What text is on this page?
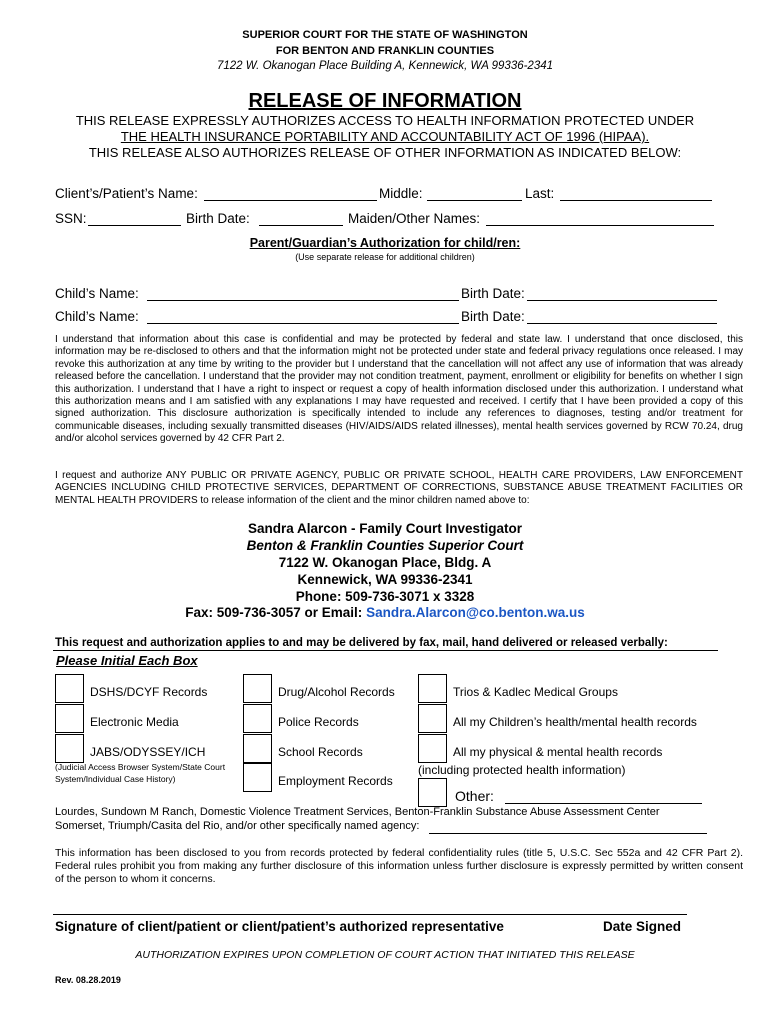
SUPERIOR COURT FOR THE STATE OF WASHINGTON
FOR BENTON AND FRANKLIN COUNTIES
7122 W. Okanogan Place Building A, Kennewick, WA 99336-2341
RELEASE OF INFORMATION
THIS RELEASE EXPRESSLY AUTHORIZES ACCESS TO HEALTH INFORMATION PROTECTED UNDER
THE HEALTH INSURANCE PORTABILITY AND ACCOUNTABILITY ACT OF 1996 (HIPAA).
THIS RELEASE ALSO AUTHORIZES RELEASE OF OTHER INFORMATION AS INDICATED BELOW:
Client’s/Patient’s Name:	Middle:	Last:
SSN:	Birth Date:	Maiden/Other Names:
Parent/Guardian’s Authorization for child/ren:
(Use separate release for additional children)
Child’s Name:	Birth Date:
Child’s Name:	Birth Date:
I understand that information about this case is confidential and may be protected by federal and state law. I understand that once disclosed, this information may be re-disclosed to others and that the information might not be protected under state and federal privacy regulations once released. I may revoke this authorization at any time by writing to the provider but I understand that the cancellation will not affect any use of information that was already released before the cancellation. I understand that the provider may not condition treatment, payment, enrollment or eligibility for benefits on whether I sign this authorization. I understand that I have a right to inspect or request a copy of health information disclosed under this authorization. I understand what this authorization means and I am satisfied with any explanations I may have requested and received. I certify that I have been provided a copy of this signed authorization. This disclosure authorization is specifically intended to include any references to diagnoses, testing and/or treatment for communicable diseases, including sexually transmitted diseases (HIV/AIDS/AIDS related illnesses), mental health services governed by RCW 70.24, drug and/or alcohol services governed by 42 CFR Part 2.
I request and authorize ANY PUBLIC OR PRIVATE AGENCY, PUBLIC OR PRIVATE SCHOOL, HEALTH CARE PROVIDERS, LAW ENFORCEMENT AGENCIES INCLUDING CHILD PROTECTIVE SERVICES, DEPARTMENT OF CORRECTIONS, SUBSTANCE ABUSE TREATMENT FACILITIES OR MENTAL HEALTH PROVIDERS to release information of the client and the minor children named above to:
Sandra Alarcon - Family Court Investigator
Benton & Franklin Counties Superior Court
7122 W. Okanogan Place, Bldg. A
Kennewick, WA 99336-2341
Phone: 509-736-3071 x 3328
Fax: 509-736-3057 or Email: Sandra.Alarcon@co.benton.wa.us
This request and authorization applies to and may be delivered by fax, mail, hand delivered or released verbally:
Please Initial Each Box
DSHS/DCYF Records
Electronic Media
JABS/ODYSSEY/ICH
(Judicial Access Browser System/State Court System/Individual Case History)
Drug/Alcohol Records
Police Records
School Records
Employment Records
Trios & Kadlec Medical Groups
All my Children’s health/mental health records
All my physical & mental health records
(including protected health information)
Other:
Lourdes, Sundown M Ranch, Domestic Violence Treatment Services, Benton-Franklin Substance Abuse Assessment Center
Somerset, Triumph/Casita del Rio, and/or other specifically named agency:
This information has been disclosed to you from records protected by federal confidentiality rules (title 5, U.S.C. Sec 552a and 42 CFR Part 2). Federal rules prohibit you from making any further disclosure of this information unless further disclosure is expressly permitted by written consent of the person to whom it concerns.
Signature of client/patient or client/patient’s authorized representative	Date Signed
AUTHORIZATION EXPIRES UPON COMPLETION OF COURT ACTION THAT INITIATED THIS RELEASE
Rev. 08.28.2019
